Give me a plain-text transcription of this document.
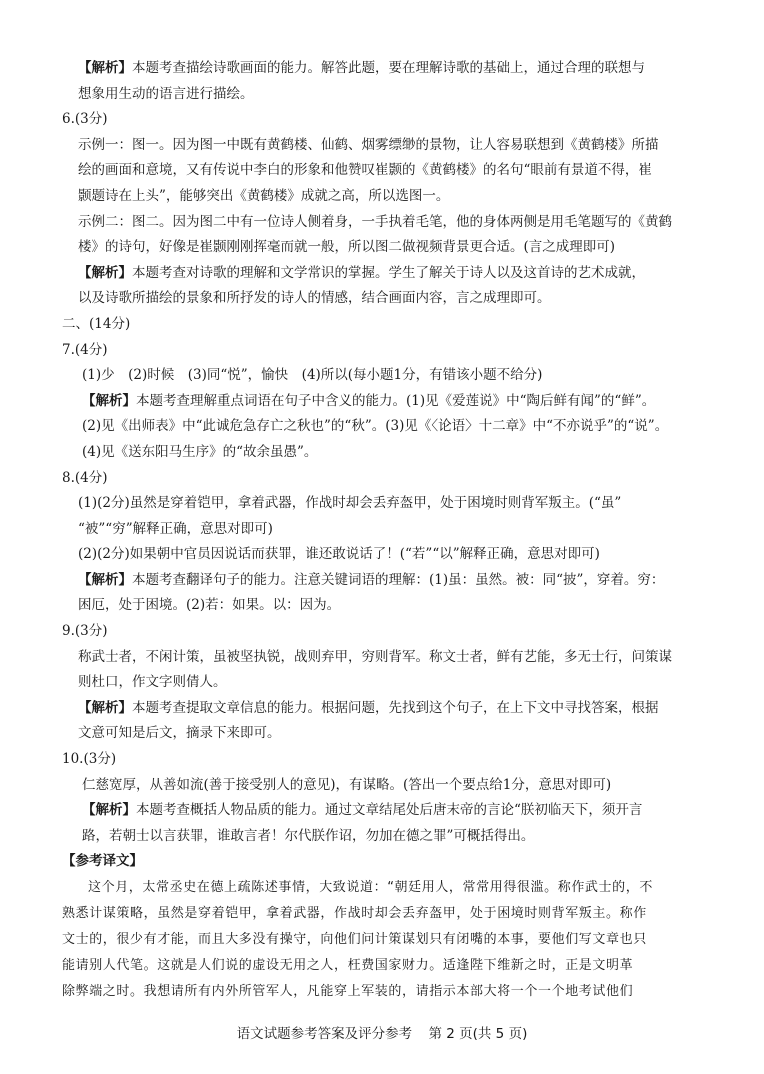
【解析】本题考查描绘诗歌画面的能力。解答此题，要在理解诗歌的基础上，通过合理的联想与

想象用生动的语言进行描绘。

6.(3分)

示例一：图一。因为图一中既有黄鹤楼、仙鹤、烟雾缥缈的景物，让人容易联想到《黄鹤楼》所描

绘的画面和意境，又有传说中李白的形象和他赞叹崔颢的《黄鹤楼》的名句“眼前有景道不得，崔

颢题诗在上头”，能够突出《黄鹤楼》成就之高，所以选图一。

示例二：图二。因为图二中有一位诗人侧着身，一手执着毛笔，他的身体两侧是用毛笔题写的《黄鹤

楼》的诗句，好像是崔颢刚刚挥毫而就一般，所以图二做视频背景更合适。(言之成理即可)

【解析】本题考查对诗歌的理解和文学常识的掌握。学生了解关于诗人以及这首诗的艺术成就，

以及诗歌所描绘的景象和所抒发的诗人的情感，结合画面内容，言之成理即可。

二、(14分)

7.(4分)

(1)少　(2)时候　(3)同“悦”，愉快　(4)所以(每小题1分，有错该小题不给分)

【解析】本题考查理解重点词语在句子中含义的能力。(1)见《爱莲说》中“陶后鲜有闻”的“鲜”。

(2)见《出师表》中“此诚危急存亡之秋也”的“秋”。(3)见《〈论语〉十二章》中“不亦说乎”的“说”。

(4)见《送东阳马生序》的“故余虽愚”。

8.(4分)

(1)(2分)虽然是穿着铠甲，拿着武器，作战时却会丢弃盔甲，处于困境时则背军叛主。(“虽”

“被”“穷”解释正确，意思对即可)

(2)(2分)如果朝中官员因说话而获罪，谁还敢说话了！(“若”“以”解释正确，意思对即可)

【解析】本题考查翻译句子的能力。注意关键词语的理解：(1)虽：虽然。被：同“披”，穿着。穷：

困厄，处于困境。(2)若：如果。以：因为。

9.(3分)

称武士者，不闲计策，虽被坚执锐，战则弃甲，穷则背军。称文士者，鲜有艺能，多无士行，问策谋

则杜口，作文字则倩人。

【解析】本题考查提取文章信息的能力。根据问题，先找到这个句子，在上下文中寻找答案，根据

文意可知是后文，摘录下来即可。

10.(3分)

仁慈宽厚，从善如流(善于接受别人的意见)，有谋略。(答出一个要点给1分，意思对即可)

【解析】本题考查概括人物品质的能力。通过文章结尾处后唐末帝的言论“朕初临天下，须开言

路，若朝士以言获罪，谁敢言者！尔代朕作诏，勿加在德之罪”可概括得出。

【参考译文】

这个月，太常丞史在德上疏陈述事情，大致说道：“朝廷用人，常常用得很滥。称作武士的，不

熟悉计谋策略，虽然是穿着铠甲，拿着武器，作战时却会丢弃盔甲，处于困境时则背军叛主。称作

文士的，很少有才能，而且大多没有操守，向他们问计策谋划只有闭嘴的本事，要他们写文章也只

能请别人代笔。这就是人们说的虚设无用之人，枉费国家财力。适逢陛下维新之时，正是文明革

除弊端之时。我想请所有内外所管军人，凡能穿上军装的，请指示本部大将一个一个地考试他们

语文试题参考答案及评分参考 第 2 页(共 5 页)
